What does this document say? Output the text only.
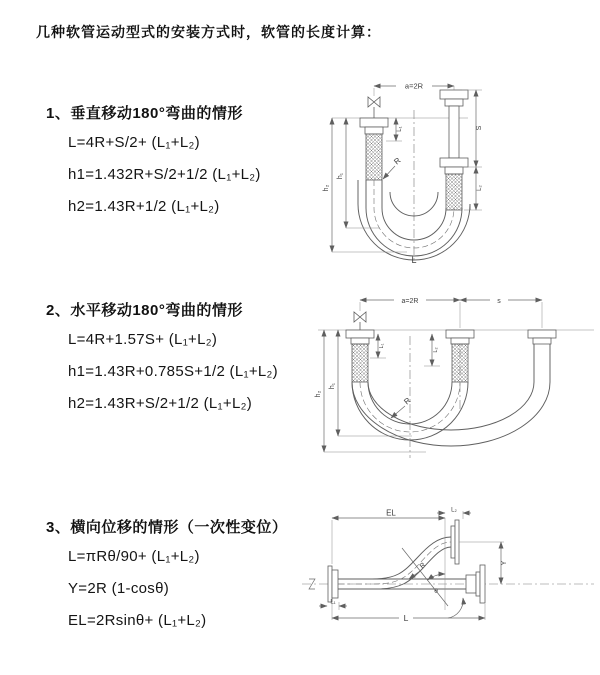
几种软管运动型式的安装方式时，软管的长度计算：
1、垂直移动180°弯曲的情形
L=4R+S/2+ (L₁+L₂)
h1=1.432R+S/2+1/2 (L₁+L₂)
h2=1.43R+1/2 (L₁+L₂)
a=2R
h₂
h₁
L₁	S
L₂
R
L
2、水平移动180°弯曲的情形
L=4R+1.57S+ (L₁+L₂)
h1=1.43R+0.785S+1/2 (L₁+L₂)
h2=1.43R+S/2+1/2 (L₁+L₂)
a=2R	s
h₂
h₁
L₁
L₂
R
3、横向位移的情形（一次性变位）
L=πRθ/90+ (L₁+L₂)
Y=2R (1-cosθ)
EL=2Rsinθ+ (L₁+L₂)
EL	L₂
Y
L
L₁
R
θ
